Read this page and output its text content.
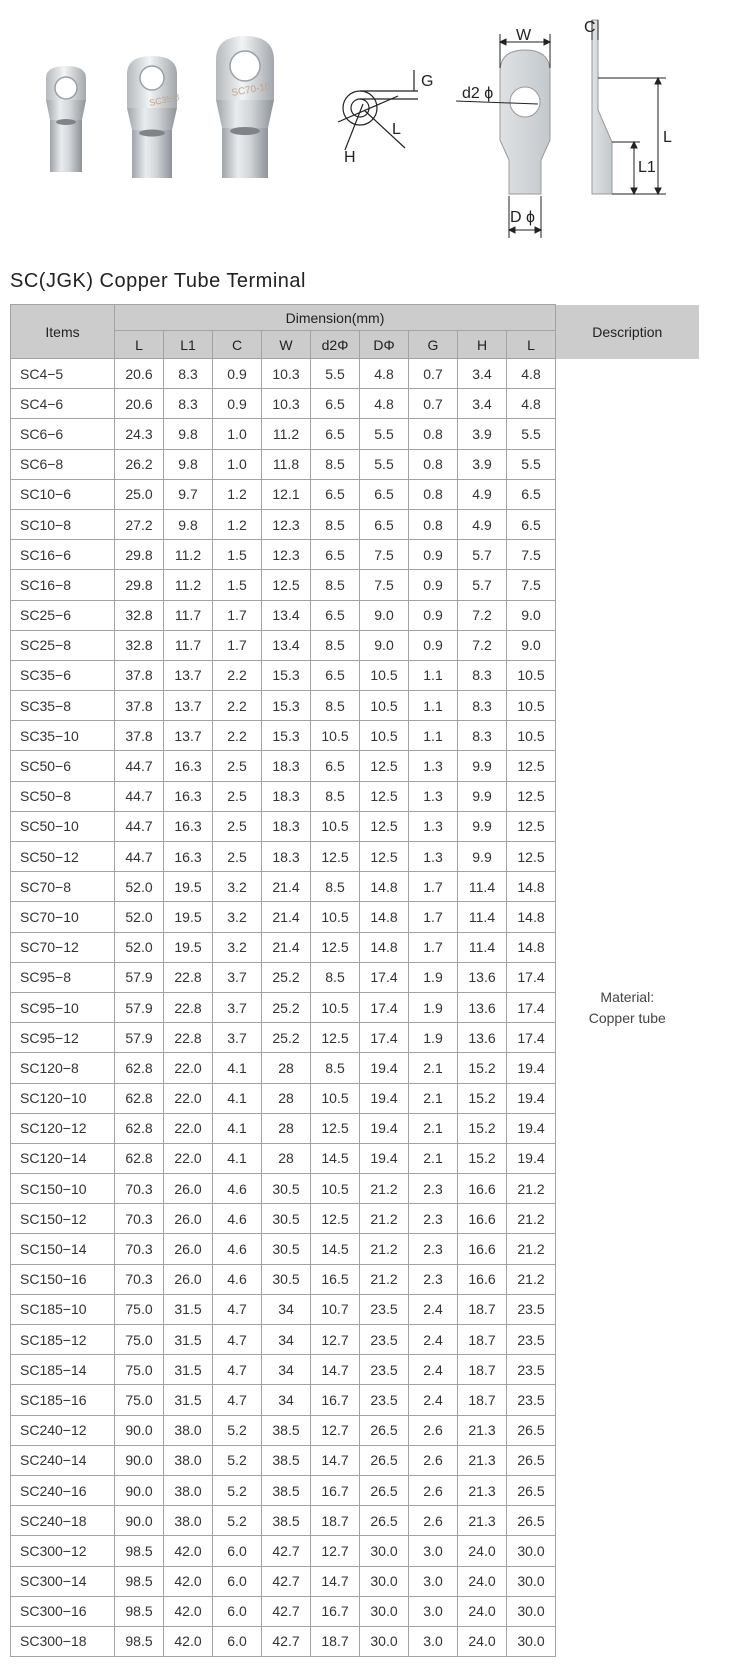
SC35-8
SC70-10	G
L
H
W
d2 ϕ
D ϕ
C
L
L1
SC(JGK) Copper Tube Terminal
Items	Dimension(mm)									Description
	L	L1	C	W	d2Φ	DΦ	G	H	L	
SC4−5	20.6	8.3	0.9	10.3	5.5	4.8	0.7	3.4	4.8	Material:
Copper tube

SC4−6	20.6	8.3	0.9	10.3	6.5	4.8	0.7	3.4	4.8	
SC6−6	24.3	9.8	1.0	11.2	6.5	5.5	0.8	3.9	5.5	
SC6−8	26.2	9.8	1.0	11.8	8.5	5.5	0.8	3.9	5.5	
SC10−6	25.0	9.7	1.2	12.1	6.5	6.5	0.8	4.9	6.5	
SC10−8	27.2	9.8	1.2	12.3	8.5	6.5	0.8	4.9	6.5	
SC16−6	29.8	11.2	1.5	12.3	6.5	7.5	0.9	5.7	7.5	
SC16−8	29.8	11.2	1.5	12.5	8.5	7.5	0.9	5.7	7.5	
SC25−6	32.8	11.7	1.7	13.4	6.5	9.0	0.9	7.2	9.0	
SC25−8	32.8	11.7	1.7	13.4	8.5	9.0	0.9	7.2	9.0	
SC35−6	37.8	13.7	2.2	15.3	6.5	10.5	1.1	8.3	10.5	
SC35−8	37.8	13.7	2.2	15.3	8.5	10.5	1.1	8.3	10.5	
SC35−10	37.8	13.7	2.2	15.3	10.5	10.5	1.1	8.3	10.5	
SC50−6	44.7	16.3	2.5	18.3	6.5	12.5	1.3	9.9	12.5	
SC50−8	44.7	16.3	2.5	18.3	8.5	12.5	1.3	9.9	12.5	
SC50−10	44.7	16.3	2.5	18.3	10.5	12.5	1.3	9.9	12.5	
SC50−12	44.7	16.3	2.5	18.3	12.5	12.5	1.3	9.9	12.5	
SC70−8	52.0	19.5	3.2	21.4	8.5	14.8	1.7	11.4	14.8	
SC70−10	52.0	19.5	3.2	21.4	10.5	14.8	1.7	11.4	14.8	
SC70−12	52.0	19.5	3.2	21.4	12.5	14.8	1.7	11.4	14.8	
SC95−8	57.9	22.8	3.7	25.2	8.5	17.4	1.9	13.6	17.4	
SC95−10	57.9	22.8	3.7	25.2	10.5	17.4	1.9	13.6	17.4	
SC95−12	57.9	22.8	3.7	25.2	12.5	17.4	1.9	13.6	17.4	
SC120−8	62.8	22.0	4.1	28	8.5	19.4	2.1	15.2	19.4	
SC120−10	62.8	22.0	4.1	28	10.5	19.4	2.1	15.2	19.4	
SC120−12	62.8	22.0	4.1	28	12.5	19.4	2.1	15.2	19.4	
SC120−14	62.8	22.0	4.1	28	14.5	19.4	2.1	15.2	19.4	
SC150−10	70.3	26.0	4.6	30.5	10.5	21.2	2.3	16.6	21.2	
SC150−12	70.3	26.0	4.6	30.5	12.5	21.2	2.3	16.6	21.2	
SC150−14	70.3	26.0	4.6	30.5	14.5	21.2	2.3	16.6	21.2	
SC150−16	70.3	26.0	4.6	30.5	16.5	21.2	2.3	16.6	21.2	
SC185−10	75.0	31.5	4.7	34	10.7	23.5	2.4	18.7	23.5	
SC185−12	75.0	31.5	4.7	34	12.7	23.5	2.4	18.7	23.5	
SC185−14	75.0	31.5	4.7	34	14.7	23.5	2.4	18.7	23.5	
SC185−16	75.0	31.5	4.7	34	16.7	23.5	2.4	18.7	23.5	
SC240−12	90.0	38.0	5.2	38.5	12.7	26.5	2.6	21.3	26.5	
SC240−14	90.0	38.0	5.2	38.5	14.7	26.5	2.6	21.3	26.5	
SC240−16	90.0	38.0	5.2	38.5	16.7	26.5	2.6	21.3	26.5	
SC240−18	90.0	38.0	5.2	38.5	18.7	26.5	2.6	21.3	26.5	
SC300−12	98.5	42.0	6.0	42.7	12.7	30.0	3.0	24.0	30.0	
SC300−14	98.5	42.0	6.0	42.7	14.7	30.0	3.0	24.0	30.0	
SC300−16	98.5	42.0	6.0	42.7	16.7	30.0	3.0	24.0	30.0	
SC300−18	98.5	42.0	6.0	42.7	18.7	30.0	3.0	24.0	30.0	
